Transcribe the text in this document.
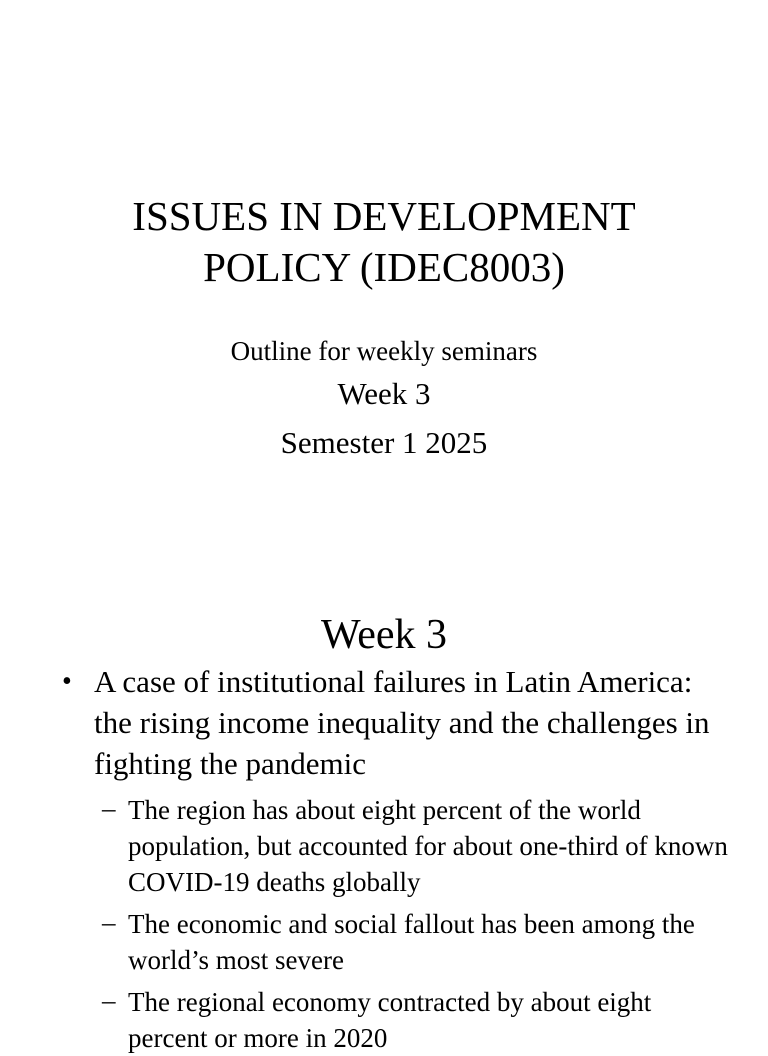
ISSUES IN DEVELOPMENT
POLICY (IDEC8003)
Outline for weekly seminars
Week 3
Semester 1 2025
Week 3
• A case of institutional failures in Latin America: the rising income inequality and the challenges in fighting the pandemic
– The region has about eight percent of the world population, but accounted for about one-third of known COVID-19 deaths globally
– The economic and social fallout has been among the world’s most severe
– The regional economy contracted by about eight percent or more in 2020
